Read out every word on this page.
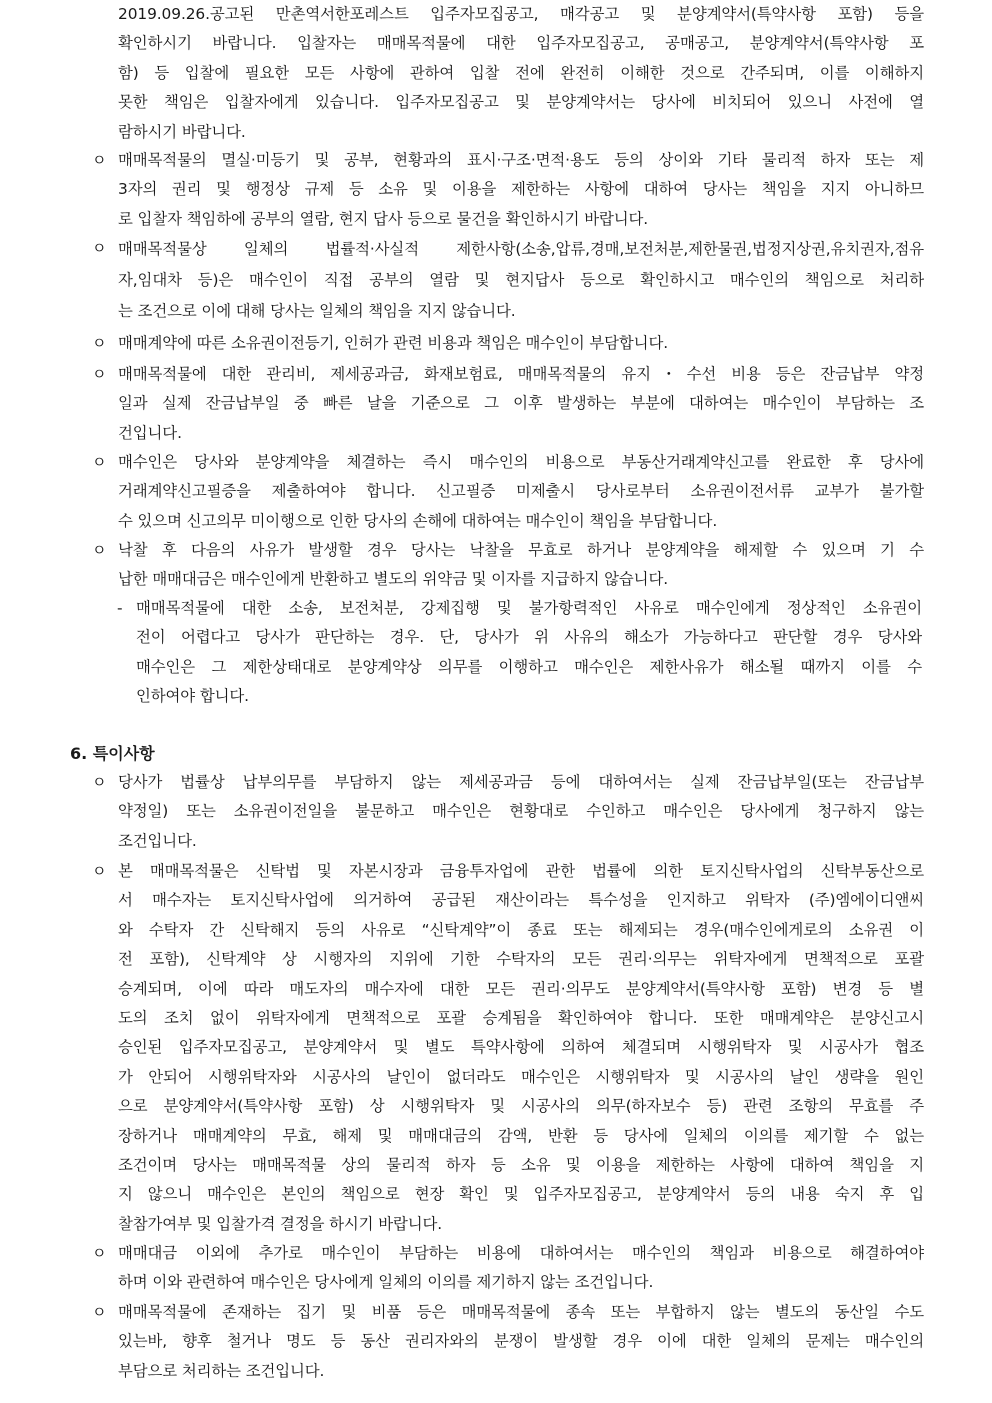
2019.09.26.공고된 만촌역서한포레스트 입주자모집공고, 매각공고 및 분양계약서(특약사항 포함) 등을
확인하시기 바랍니다. 입찰자는 매매목적물에 대한 입주자모집공고, 공매공고, 분양계약서(특약사항 포
함) 등 입찰에 필요한 모든 사항에 관하여 입찰 전에 완전히 이해한 것으로 간주되며, 이를 이해하지
못한 책임은 입찰자에게 있습니다. 입주자모집공고 및 분양계약서는 당사에 비치되어 있으니 사전에 열
람하시기 바랍니다.
ㅇ 매매목적물의 멸실·미등기 및 공부, 현황과의 표시·구조·면적·용도 등의 상이와 기타 물리적 하자 또는 제
3자의 권리 및 행정상 규제 등 소유 및 이용을 제한하는 사항에 대하여 당사는 책임을 지지 아니하므
로 입찰자 책임하에 공부의 열람, 현지 답사 등으로 물건을 확인하시기 바랍니다.
ㅇ 매매목적물상 일체의 법률적·사실적 제한사항(소송,압류,경매,보전처분,제한물권,법정지상권,유치권자,점유
자,임대차 등)은 매수인이 직접 공부의 열람 및 현지답사 등으로 확인하시고 매수인의 책임으로 처리하
는 조건으로 이에 대해 당사는 일체의 책임을 지지 않습니다.
ㅇ 매매계약에 따른 소유권이전등기, 인허가 관련 비용과 책임은 매수인이 부담합니다.
ㅇ 매매목적물에 대한 관리비, 제세공과금, 화재보험료, 매매목적물의 유지・수선 비용 등은 잔금납부 약정
일과 실제 잔금납부일 중 빠른 날을 기준으로 그 이후 발생하는 부분에 대하여는 매수인이 부담하는 조
건입니다.
ㅇ 매수인은 당사와 분양계약을 체결하는 즉시 매수인의 비용으로 부동산거래계약신고를 완료한 후 당사에
거래계약신고필증을 제출하여야 합니다. 신고필증 미제출시 당사로부터 소유권이전서류 교부가 불가할
수 있으며 신고의무 미이행으로 인한 당사의 손해에 대하여는 매수인이 책임을 부담합니다.
ㅇ 낙찰 후 다음의 사유가 발생할 경우 당사는 낙찰을 무효로 하거나 분양계약을 해제할 수 있으며 기 수
납한 매매대금은 매수인에게 반환하고 별도의 위약금 및 이자를 지급하지 않습니다.
- 매매목적물에 대한 소송, 보전처분, 강제집행 및 불가항력적인 사유로 매수인에게 정상적인 소유권이
전이 어렵다고 당사가 판단하는 경우. 단, 당사가 위 사유의 해소가 가능하다고 판단할 경우 당사와
매수인은 그 제한상태대로 분양계약상 의무를 이행하고 매수인은 제한사유가 해소될 때까지 이를 수
인하여야 합니다.
6. 특이사항
ㅇ 당사가 법률상 납부의무를 부담하지 않는 제세공과금 등에 대하여서는 실제 잔금납부일(또는 잔금납부
약정일) 또는 소유권이전일을 불문하고 매수인은 현황대로 수인하고 매수인은 당사에게 청구하지 않는
조건입니다.
ㅇ 본 매매목적물은 신탁법 및 자본시장과 금융투자업에 관한 법률에 의한 토지신탁사업의 신탁부동산으로
서 매수자는 토지신탁사업에 의거하여 공급된 재산이라는 특수성을 인지하고 위탁자 (주)엠에이디앤씨
와 수탁자 간 신탁해지 등의 사유로 “신탁계약”이 종료 또는 해제되는 경우(매수인에게로의 소유권 이
전 포함), 신탁계약 상 시행자의 지위에 기한 수탁자의 모든 권리·의무는 위탁자에게 면책적으로 포괄
승계되며, 이에 따라 매도자의 매수자에 대한 모든 권리·의무도 분양계약서(특약사항 포함) 변경 등 별
도의 조치 없이 위탁자에게 면책적으로 포괄 승계됨을 확인하여야 합니다. 또한 매매계약은 분양신고시
승인된 입주자모집공고, 분양계약서 및 별도 특약사항에 의하여 체결되며 시행위탁자 및 시공사가 협조
가 안되어 시행위탁자와 시공사의 날인이 없더라도 매수인은 시행위탁자 및 시공사의 날인 생략을 원인
으로 분양계약서(특약사항 포함) 상 시행위탁자 및 시공사의 의무(하자보수 등) 관련 조항의 무효를 주
장하거나 매매계약의 무효, 해제 및 매매대금의 감액, 반환 등 당사에 일체의 이의를 제기할 수 없는
조건이며 당사는 매매목적물 상의 물리적 하자 등 소유 및 이용을 제한하는 사항에 대하여 책임을 지
지 않으니 매수인은 본인의 책임으로 현장 확인 및 입주자모집공고, 분양계약서 등의 내용 숙지 후 입
찰참가여부 및 입찰가격 결정을 하시기 바랍니다.
ㅇ 매매대금 이외에 추가로 매수인이 부담하는 비용에 대하여서는 매수인의 책임과 비용으로 해결하여야
하며 이와 관련하여 매수인은 당사에게 일체의 이의를 제기하지 않는 조건입니다.
ㅇ 매매목적물에 존재하는 집기 및 비품 등은 매매목적물에 종속 또는 부합하지 않는 별도의 동산일 수도
있는바, 향후 철거나 명도 등 동산 권리자와의 분쟁이 발생할 경우 이에 대한 일체의 문제는 매수인의
부담으로 처리하는 조건입니다.
